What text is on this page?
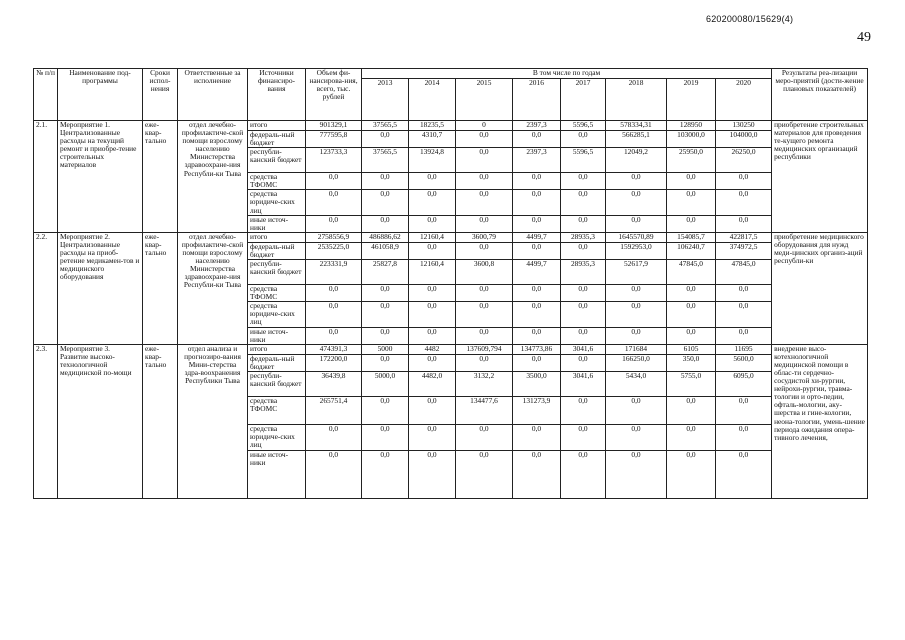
620200080/15629(4)
49
№ п/п	Наименование под-программы	Сроки испол-нения	Ответственные за исполнение	Источники финансиро-вания	Объем фи-нансирова-ния, всего, тыс. рублей	В том числе по годам								Результаты реа-лизации меро-приятий (дости-жение плановых показателей)
						2013	2014	2015	2016	2017	2018	2019	2020	
2.1.	Мероприятие 1. Централизованные расходы на текущий ремонт и приобре-тение строительных материалов	еже-квар-тально	отдел лечебно-профилактиче-ской помощи взрослому населению Министерства здравоохране-ния Республи-ки Тыва	итого	901329,1	37565,5	18235,5	0	2397,3	5596,5	578334,31	128950	130250	приобретение строительных материалов для проведения те-кущего ремонта медицинских организаций республики
				федераль-ный бюджет	777595,8	0,0	4310,7	0,0	0,0	0,0	566285,1	103000,0	104000,0	
				республи-канский бюджет	123733,3	37565,5	13924,8	0,0	2397,3	5596,5	12049,2	25950,0	26250,0	
				средства ТФОМС	0,0	0,0	0,0	0,0	0,0	0,0	0,0	0,0	0,0	
				средства юридиче-ских лиц	0,0	0,0	0,0	0,0	0,0	0,0	0,0	0,0	0,0	
				иные источ-ники	0,0	0,0	0,0	0,0	0,0	0,0	0,0	0,0	0,0	
2.2.	Мероприятие 2. Централизованные расходы на приоб-ретение медикамен-тов и медицинского оборудования	еже-квар-тально	отдел лечебно-профилактиче-ской помощи взрослому населению Министерства здравоохране-ния Республи-ки Тыва	итого	2758556,9	486886,62	12160,4	3600,79	4499,7	28935,3	1645570,89	154085,7	422817,5	приобретение медицинского оборудования для нужд меди-цинских организ-аций республи-ки
				федераль-ный бюджет	2535225,0	461058,9	0,0	0,0	0,0	0,0	1592953,0	106240,7	374972,5	
				республи-канский бюджет	223331,9	25827,8	12160,4	3600,8	4499,7	28935,3	52617,9	47845,0	47845,0	
				средства ТФОМС	0,0	0,0	0,0	0,0	0,0	0,0	0,0	0,0	0,0	
				средства юридиче-ских лиц	0,0	0,0	0,0	0,0	0,0	0,0	0,0	0,0	0,0	
				иные источ-ники	0,0	0,0	0,0	0,0	0,0	0,0	0,0	0,0	0,0	
2.3.	Мероприятие 3. Развитие высоко-технологичной медицинской по-мощи	еже-квар-тально	отдел анализа и прогнозиро-вания Мини-стерства здра-воохранения Республики Тыва	итого	474391,3	5000	4482	137609,794	134773,86	3041,6	171684	6105	11695	внедрение высо-котехнологичной медицинской помощи в облас-ти сердечно-сосудистой хи-рургии, нейрохи-рургии, травма-тологии и орто-педии, офталь-мологии, аку-шерства и гине-кологии, неона-тологии, умень-шение периода ожидания опера-тивного лечения,
				федераль-ный бюджет	172200,0	0,0	0,0	0,0	0,0	0,0	166250,0	350,0	5600,0	
				республи-канский бюджет	36439,8	5000,0	4482,0	3132,2	3500,0	3041,6	5434,0	5755,0	6095,0	
				средства ТФОМС	265751,4	0,0	0,0	134477,6	131273,9	0,0	0,0	0,0	0,0	
				средства юридиче-ских лиц	0,0	0,0	0,0	0,0	0,0	0,0	0,0	0,0	0,0	
				иные источ-ники	0,0	0,0	0,0	0,0	0,0	0,0	0,0	0,0	0,0	
